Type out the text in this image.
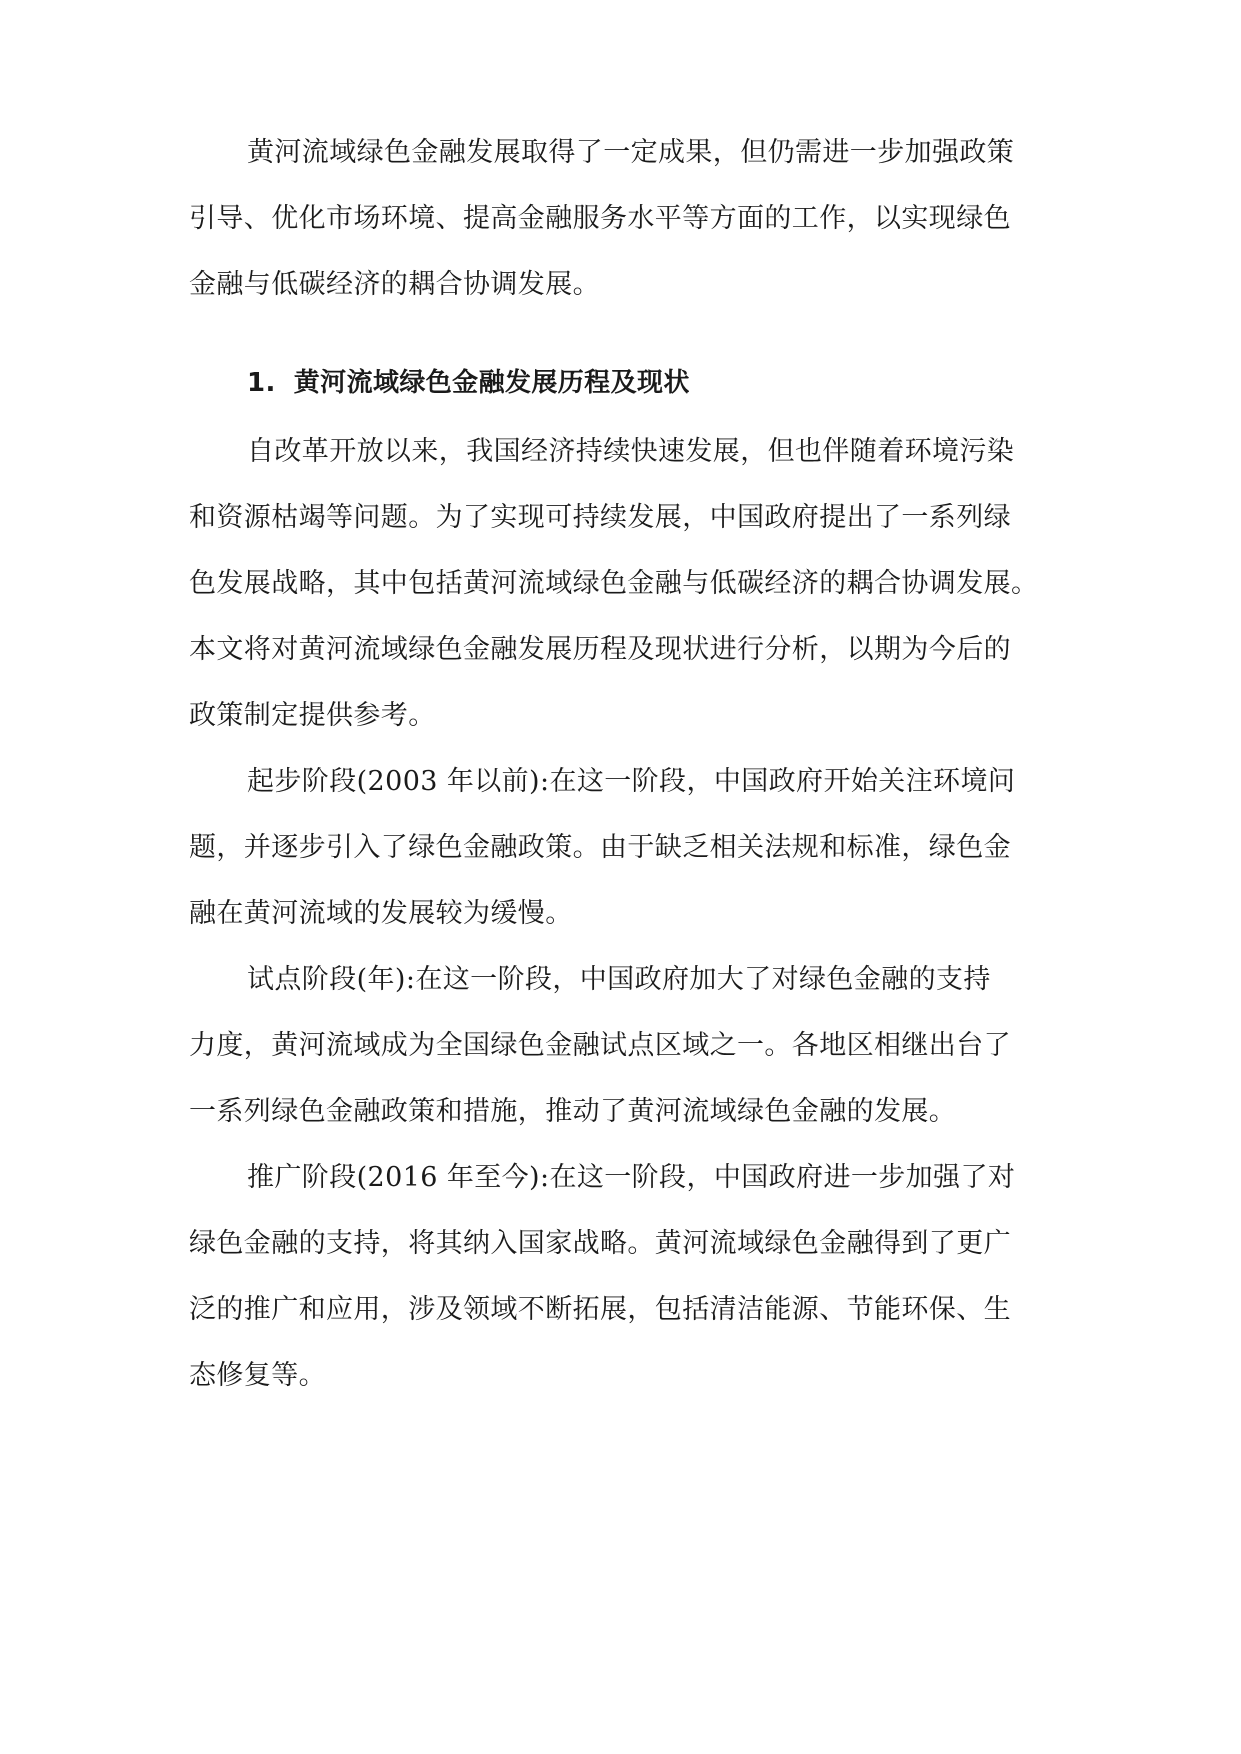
黄河流域绿色金融发展取得了一定成果，但仍需进一步加强政策
引导、优化市场环境、提高金融服务水平等方面的工作，以实现绿色
金融与低碳经济的耦合协调发展。
1. 黄河流域绿色金融发展历程及现状
自改革开放以来，我国经济持续快速发展，但也伴随着环境污染
和资源枯竭等问题。为了实现可持续发展，中国政府提出了一系列绿
色发展战略，其中包括黄河流域绿色金融与低碳经济的耦合协调发展。
本文将对黄河流域绿色金融发展历程及现状进行分析，以期为今后的
政策制定提供参考。
起步阶段(2003 年以前):在这一阶段，中国政府开始关注环境问
题，并逐步引入了绿色金融政策。由于缺乏相关法规和标准，绿色金
融在黄河流域的发展较为缓慢。
试点阶段(年):在这一阶段，中国政府加大了对绿色金融的支持
力度，黄河流域成为全国绿色金融试点区域之一。各地区相继出台了
一系列绿色金融政策和措施，推动了黄河流域绿色金融的发展。
推广阶段(2016 年至今):在这一阶段，中国政府进一步加强了对
绿色金融的支持，将其纳入国家战略。黄河流域绿色金融得到了更广
泛的推广和应用，涉及领域不断拓展，包括清洁能源、节能环保、生
态修复等。
